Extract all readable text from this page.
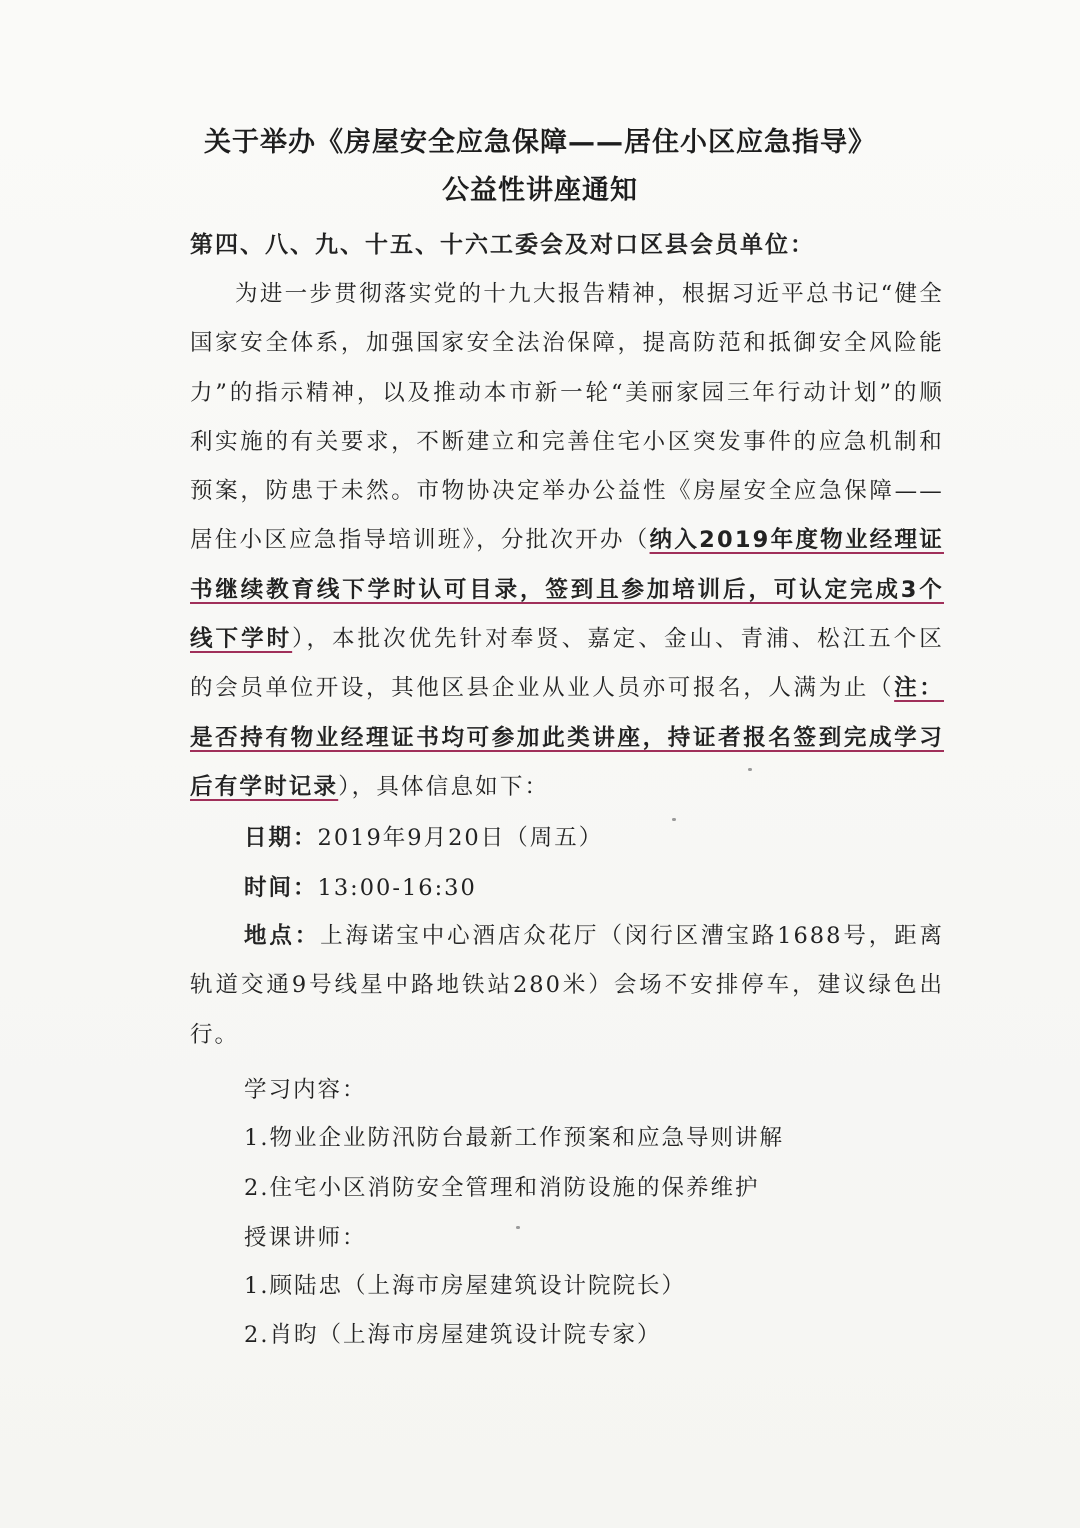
关于举办《房屋安全应急保障——居住小区应急指导》
公益性讲座通知
第四、八、九、十五、十六工委会及对口区县会员单位：
为进一步贯彻落实党的十九大报告精神，根据习近平总书记“健全国家安全体系，加强国家安全法治保障，提高防范和抵御安全风险能力”的指示精神，以及推动本市新一轮“美丽家园三年行动计划”的顺利实施的有关要求，不断建立和完善住宅小区突发事件的应急机制和预案，防患于未然。市物协决定举办公益性《房屋安全应急保障——居住小区应急指导培训班》，分批次开办（纳入2019年度物业经理证书继续教育线下学时认可目录，签到且参加培训后，可认定完成3个线下学时），本批次优先针对奉贤、嘉定、金山、青浦、松江五个区的会员单位开设，其他区县企业从业人员亦可报名，人满为止（注：是否持有物业经理证书均可参加此类讲座，持证者报名签到完成学习后有学时记录），具体信息如下：
日期：2019年9月20日（周五）
时间：13:00-16:30
地点：上海诺宝中心酒店众花厅（闵行区漕宝路1688号，距离轨道交通9号线星中路地铁站280米）会场不安排停车，建议绿色出行。
学习内容：
1.物业企业防汛防台最新工作预案和应急导则讲解
2.住宅小区消防安全管理和消防设施的保养维护
授课讲师：
1.顾陆忠（上海市房屋建筑设计院院长）
2.肖昀（上海市房屋建筑设计院专家）
